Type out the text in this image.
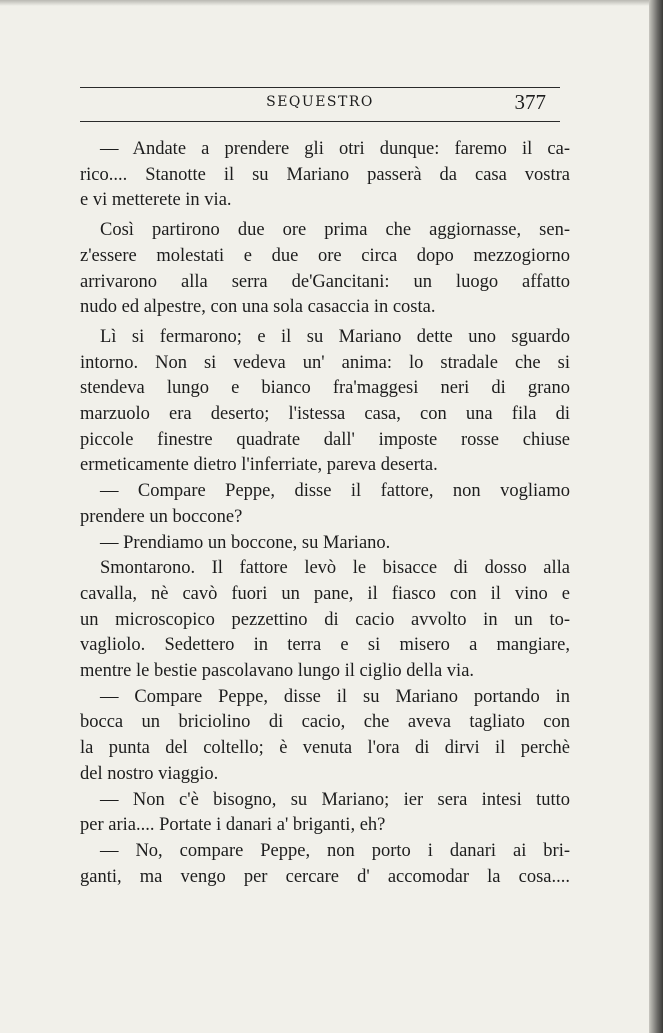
SEQUESTRO	377
— Andate a prendere gli otri dunque: faremo il ca-
rico.... Stanotte il su Mariano passerà da casa vostra
e vi metterete in via.
Così partirono due ore prima che aggiornasse, sen-
z'essere molestati e due ore circa dopo mezzogiorno
arrivarono alla serra de'Gancitani: un luogo affatto
nudo ed alpestre, con una sola casaccia in costa.
Lì si fermarono; e il su Mariano dette uno sguardo
intorno. Non si vedeva un' anima: lo stradale che si
stendeva lungo e bianco fra'maggesi neri di grano
marzuolo era deserto; l'istessa casa, con una fila di
piccole finestre quadrate dall' imposte rosse chiuse
ermeticamente dietro l'inferriate, pareva deserta.
— Compare Peppe, disse il fattore, non vogliamo
prendere un boccone?
— Prendiamo un boccone, su Mariano.
Smontarono. Il fattore levò le bisacce di dosso alla
cavalla, nè cavò fuori un pane, il fiasco con il vino e
un microscopico pezzettino di cacio avvolto in un to-
vagliolo. Sedettero in terra e si misero a mangiare,
mentre le bestie pascolavano lungo il ciglio della via.
— Compare Peppe, disse il su Mariano portando in
bocca un briciolino di cacio, che aveva tagliato con
la punta del coltello; è venuta l'ora di dirvi il perchè
del nostro viaggio.
— Non c'è bisogno, su Mariano; ier sera intesi tutto
per aria.... Portate i danari a' briganti, eh?
— No, compare Peppe, non porto i danari ai bri-
ganti, ma vengo per cercare d' accomodar la cosa....
